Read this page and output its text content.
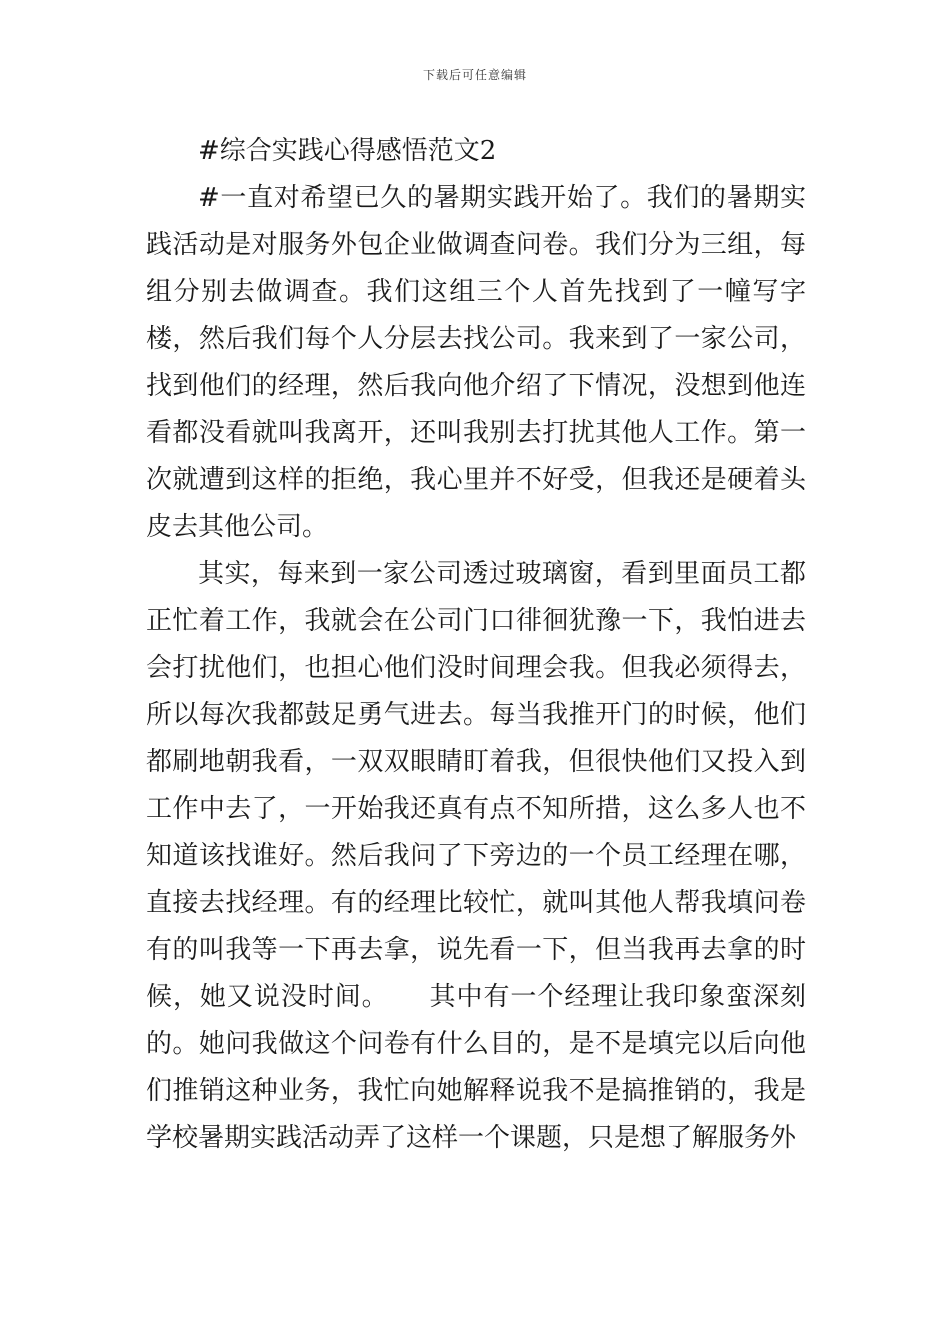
下载后可任意编辑
#综合实践心得感悟范文2

#一直对希望已久的暑期实践开始了。我们的暑期实践活动是对服务外包企业做调查问卷。我们分为三组，每组分别去做调查。我们这组三个人首先找到了一幢写字楼，然后我们每个人分层去找公司。我来到了一家公司，找到他们的经理，然后我向他介绍了下情况，没想到他连看都没看就叫我离开，还叫我别去打扰其他人工作。第一次就遭到这样的拒绝，我心里并不好受，但我还是硬着头皮去其他公司。

其实，每来到一家公司透过玻璃窗，看到里面员工都正忙着工作，我就会在公司门口徘徊犹豫一下，我怕进去会打扰他们，也担心他们没时间理会我。但我必须得去，所以每次我都鼓足勇气进去。每当我推开门的时候，他们都刷地朝我看，一双双眼睛盯着我，但很快他们又投入到工作中去了，一开始我还真有点不知所措，这么多人也不知道该找谁好。然后我问了下旁边的一个员工经理在哪，直接去找经理。有的经理比较忙，就叫其他人帮我填问卷有的叫我等一下再去拿，说先看一下，但当我再去拿的时候，她又说没时间。　　其中有一个经理让我印象蛮深刻的。她问我做这个问卷有什么目的，是不是填完以后向他们推销这种业务，我忙向她解释说我不是搞推销的，我是学校暑期实践活动弄了这样一个课题，只是想了解服务外
